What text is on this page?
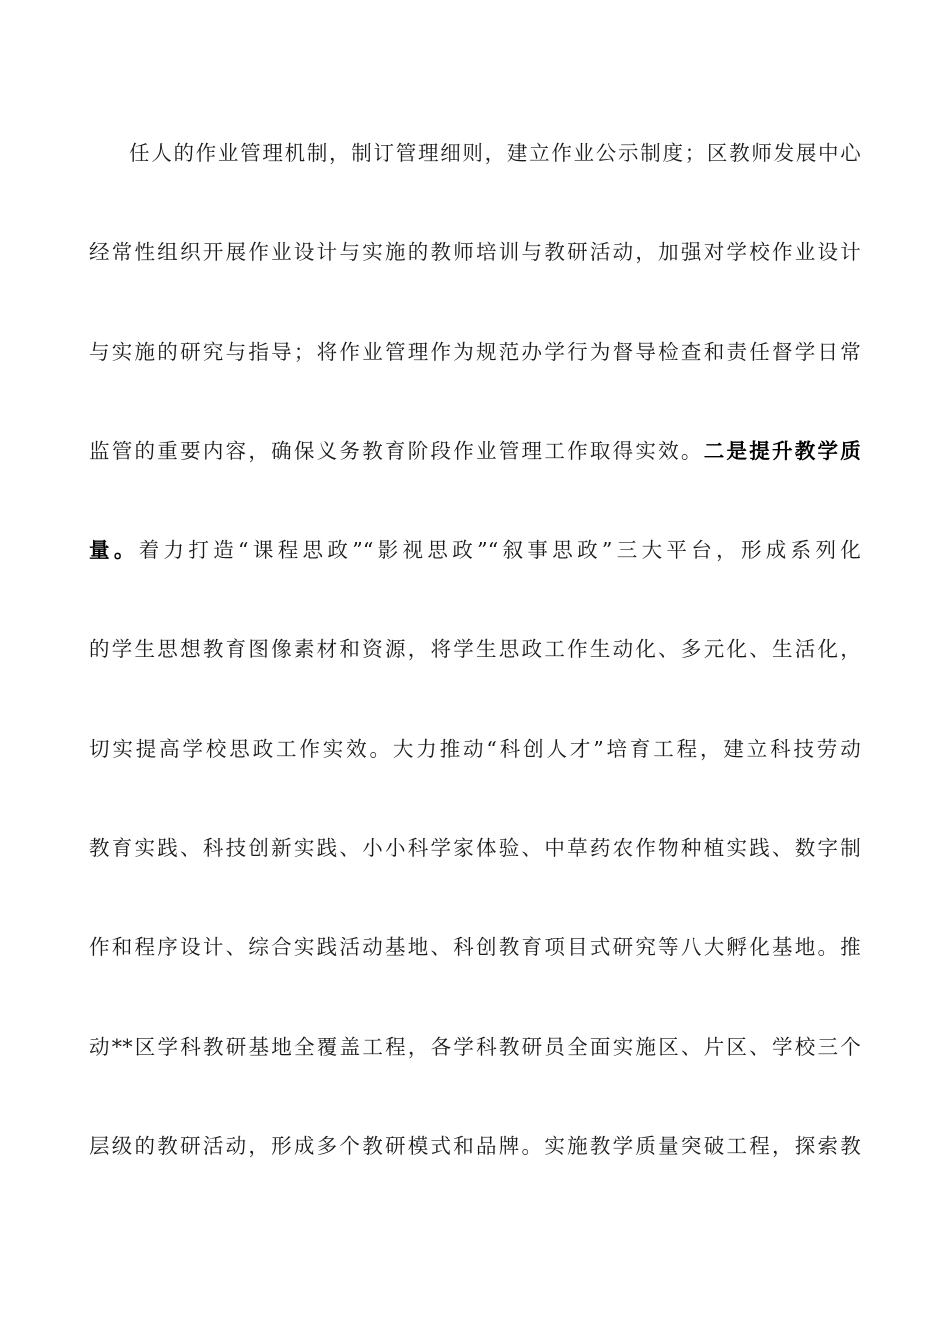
任人的作业管理机制，制订管理细则，建立作业公示制度；区教师发展中心
经常性组织开展作业设计与实施的教师培训与教研活动，加强对学校作业设计
与实施的研究与指导；将作业管理作为规范办学行为督导检查和责任督学日常
监管的重要内容，确保义务教育阶段作业管理工作取得实效。二是提升教学质
量。着力打造“课程思政”“影视思政”“叙事思政”三大平台，形成系列化
的学生思想教育图像素材和资源，将学生思政工作生动化、多元化、生活化，
切实提高学校思政工作实效。大力推动“科创人才”培育工程，建立科技劳动
教育实践、科技创新实践、小小科学家体验、中草药农作物种植实践、数字制
作和程序设计、综合实践活动基地、科创教育项目式研究等八大孵化基地。推
动**区学科教研基地全覆盖工程，各学科教研员全面实施区、片区、学校三个
层级的教研活动，形成多个教研模式和品牌。实施教学质量突破工程，探索教
